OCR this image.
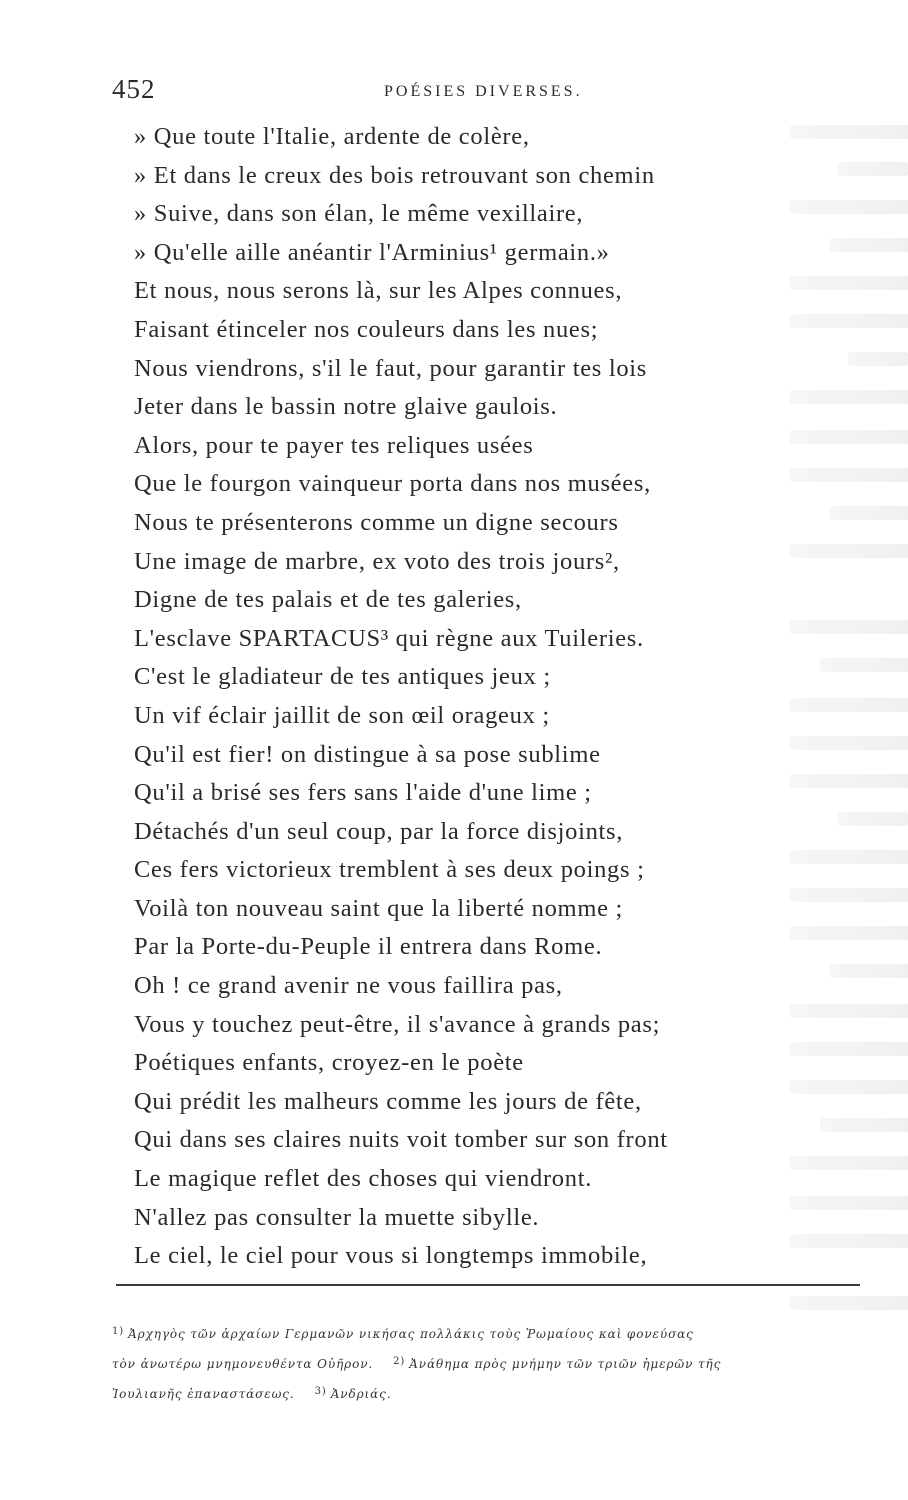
452	POÉSIES DIVERSES.
» Que toute l'Italie, ardente de colère,
» Et dans le creux des bois retrouvant son chemin
» Suive, dans son élan, le même vexillaire,
» Qu'elle aille anéantir l'Arminius¹ germain.»
Et nous, nous serons là, sur les Alpes connues,
Faisant étinceler nos couleurs dans les nues;
Nous viendrons, s'il le faut, pour garantir tes lois
Jeter dans le bassin notre glaive gaulois.
Alors, pour te payer tes reliques usées
Que le fourgon vainqueur porta dans nos musées,
Nous te présenterons comme un digne secours
Une image de marbre, ex voto des trois jours²,
Digne de tes palais et de tes galeries,
L'esclave SPARTACUS³ qui règne aux Tuileries.
C'est le gladiateur de tes antiques jeux ;
Un vif éclair jaillit de son œil orageux ;
Qu'il est fier! on distingue à sa pose sublime
Qu'il a brisé ses fers sans l'aide d'une lime ;
Détachés d'un seul coup, par la force disjoints,
Ces fers victorieux tremblent à ses deux poings ;
Voilà ton nouveau saint que la liberté nomme ;
Par la Porte-du-Peuple il entrera dans Rome.
Oh ! ce grand avenir ne vous faillira pas,
Vous y touchez peut-être, il s'avance à grands pas;
Poétiques enfants, croyez-en le poète
Qui prédit les malheurs comme les jours de fête,
Qui dans ses claires nuits voit tomber sur son front
Le magique reflet des choses qui viendront.
N'allez pas consulter la muette sibylle.
Le ciel, le ciel pour vous si longtemps immobile,
$^{1)}$ Ἀρχηγὸς τῶν ἀρχαίων Γερμανῶν νικήσας πολλάκις τοὺς Ῥωμαίους καὶ φονεύσας
τὸν ἀνωτέρω μνημονευθέντα Οὐῆρον. $^{2)}$ Ἀνάθημα πρὸς μνήμην τῶν τριῶν ἡμερῶν τῆς
Ἰουλιανῆς ἐπαναστάσεως. $^{3)}$ Ἀνδριάς.
